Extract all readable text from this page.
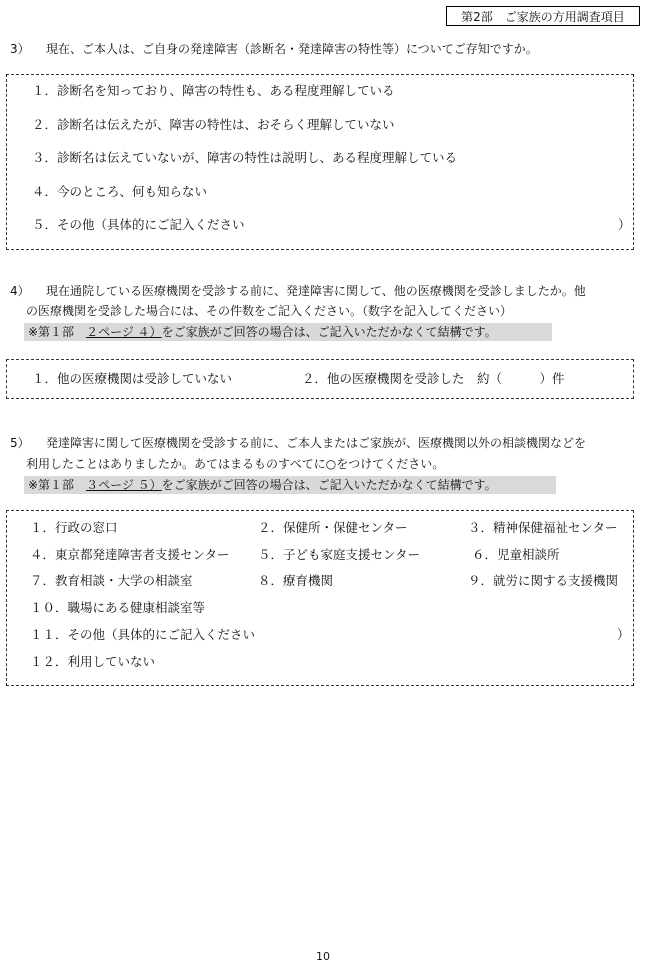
第2部　ご家族の方用調査項目
3） 現在、ご本人は、ご自身の発達障害（診断名・発達障害の特性等）についてご存知ですか。
１．診断名を知っており、障害の特性も、ある程度理解している
２．診断名は伝えたが、障害の特性は、おそらく理解していない
３．診断名は伝えていないが、障害の特性は説明し、ある程度理解している
４．今のところ、何も知らない
５．その他（具体的にご記入ください	）
4） 現在通院している医療機関を受診する前に、発達障害に関して、他の医療機関を受診しましたか。他
の医療機関を受診した場合には、その件数をご記入ください。（数字を記入してください）
※第１部　２ページ ４）をご家族がご回答の場合は、ご記入いただかなくて結構です。
１．他の医療機関は受診していない	２．他の医療機関を受診した　約（　　　）件
5） 発達障害に関して医療機関を受診する前に、ご本人またはご家族が、医療機関以外の相談機関などを
利用したことはありましたか。あてはまるものすべてに○をつけてください。
※第１部　３ページ ５）をご家族がご回答の場合は、ご記入いただかなくて結構です。
１．行政の窓口	２．保健所・保健センター	３．精神保健福祉センター
４．東京都発達障害者支援センター ５．子ども家庭支援センター	６．児童相談所
７．教育相談・大学の相談室	８．療育機関	９．就労に関する支援機関
１０．職場にある健康相談室等
１１．その他（具体的にご記入ください	）
１２．利用していない
10
